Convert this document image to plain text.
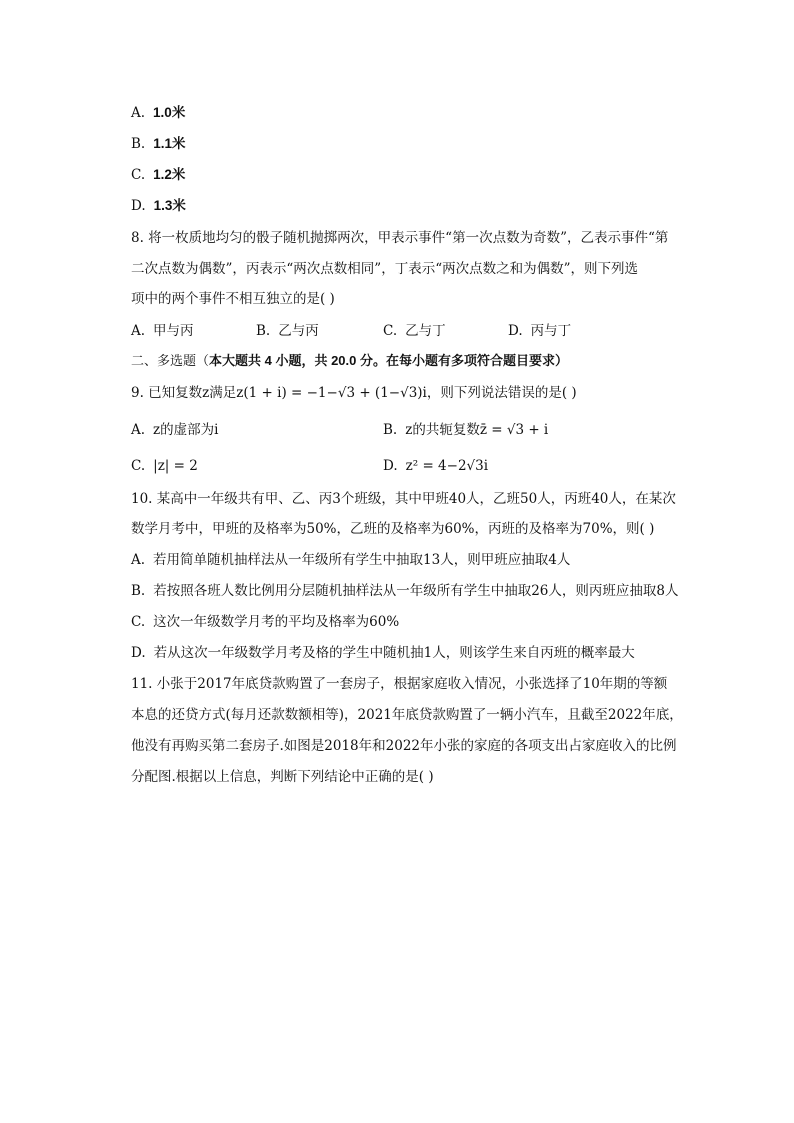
A. 1.0米
B. 1.1米
C. 1.2米
D. 1.3米
8. 将一枚质地均匀的骰子随机抛掷两次，甲表示事件“第一次点数为奇数”，乙表示事件“第
二次点数为偶数”，丙表示“两次点数相同”，丁表示“两次点数之和为偶数”，则下列选
项中的两个事件不相互独立的是( )
A. 甲与丙	B. 乙与丙	C. 乙与丁	D. 丙与丁
二、多选题（本大题共 4 小题，共 20.0 分。在每小题有多项符合题目要求）
9. 已知复数z满足z(1 + i) = −1−√3 + (1−√3)i，则下列说法错误的是( )
A. z的虚部为i	B. z的共轭复数z̄ = √3 + i
C. |z| = 2	D. z² = 4−2√3i
10. 某高中一年级共有甲、乙、丙3个班级，其中甲班40人，乙班50人，丙班40人，在某次
数学月考中，甲班的及格率为50%，乙班的及格率为60%，丙班的及格率为70%，则( )
A. 若用简单随机抽样法从一年级所有学生中抽取13人，则甲班应抽取4人
B. 若按照各班人数比例用分层随机抽样法从一年级所有学生中抽取26人，则丙班应抽取8人
C. 这次一年级数学月考的平均及格率为60%
D. 若从这次一年级数学月考及格的学生中随机抽1人，则该学生来自丙班的概率最大
11. 小张于2017年底贷款购置了一套房子，根据家庭收入情况，小张选择了10年期的等额
本息的还贷方式(每月还款数额相等)，2021年底贷款购置了一辆小汽车，且截至2022年底，
他没有再购买第二套房子.如图是2018年和2022年小张的家庭的各项支出占家庭收入的比例
分配图.根据以上信息，判断下列结论中正确的是( )
